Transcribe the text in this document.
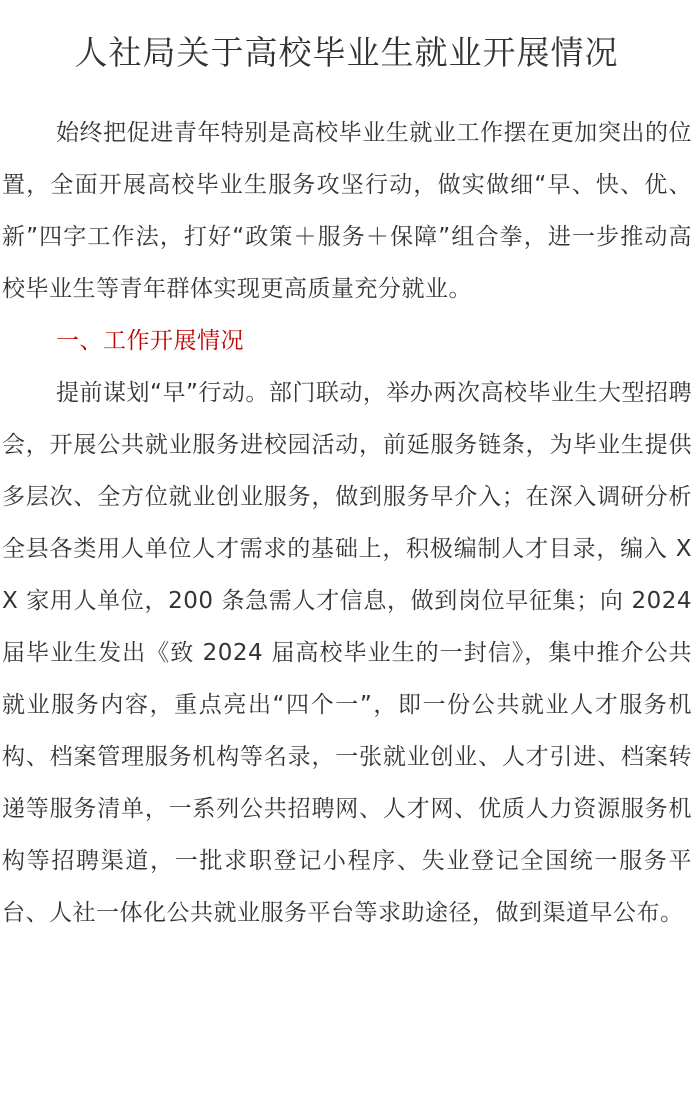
人社局关于高校毕业生就业开展情况

始终把促进青年特别是高校毕业生就业工作摆在更加突出的位置，全面开展高校毕业生服务攻坚行动，做实做细“早、快、优、新”四字工作法，打好“政策＋服务＋保障”组合拳，进一步推动高校毕业生等青年群体实现更高质量充分就业。

一、工作开展情况

提前谋划“早”行动。部门联动，举办两次高校毕业生大型招聘会，开展公共就业服务进校园活动，前延服务链条，为毕业生提供多层次、全方位就业创业服务，做到服务早介入；在深入调研分析全县各类用人单位人才需求的基础上，积极编制人才目录，编入 XX 家用人单位，200 条急需人才信息，做到岗位早征集；向 2024 届毕业生发出《致 2024 届高校毕业生的一封信》，集中推介公共就业服务内容，重点亮出“四个一”，即一份公共就业人才服务机构、档案管理服务机构等名录，一张就业创业、人才引进、档案转递等服务清单，一系列公共招聘网、人才网、优质人力资源服务机构等招聘渠道，一批求职登记小程序、失业登记全国统一服务平台、人社一体化公共就业服务平台等求助途径，做到渠道早公布。
